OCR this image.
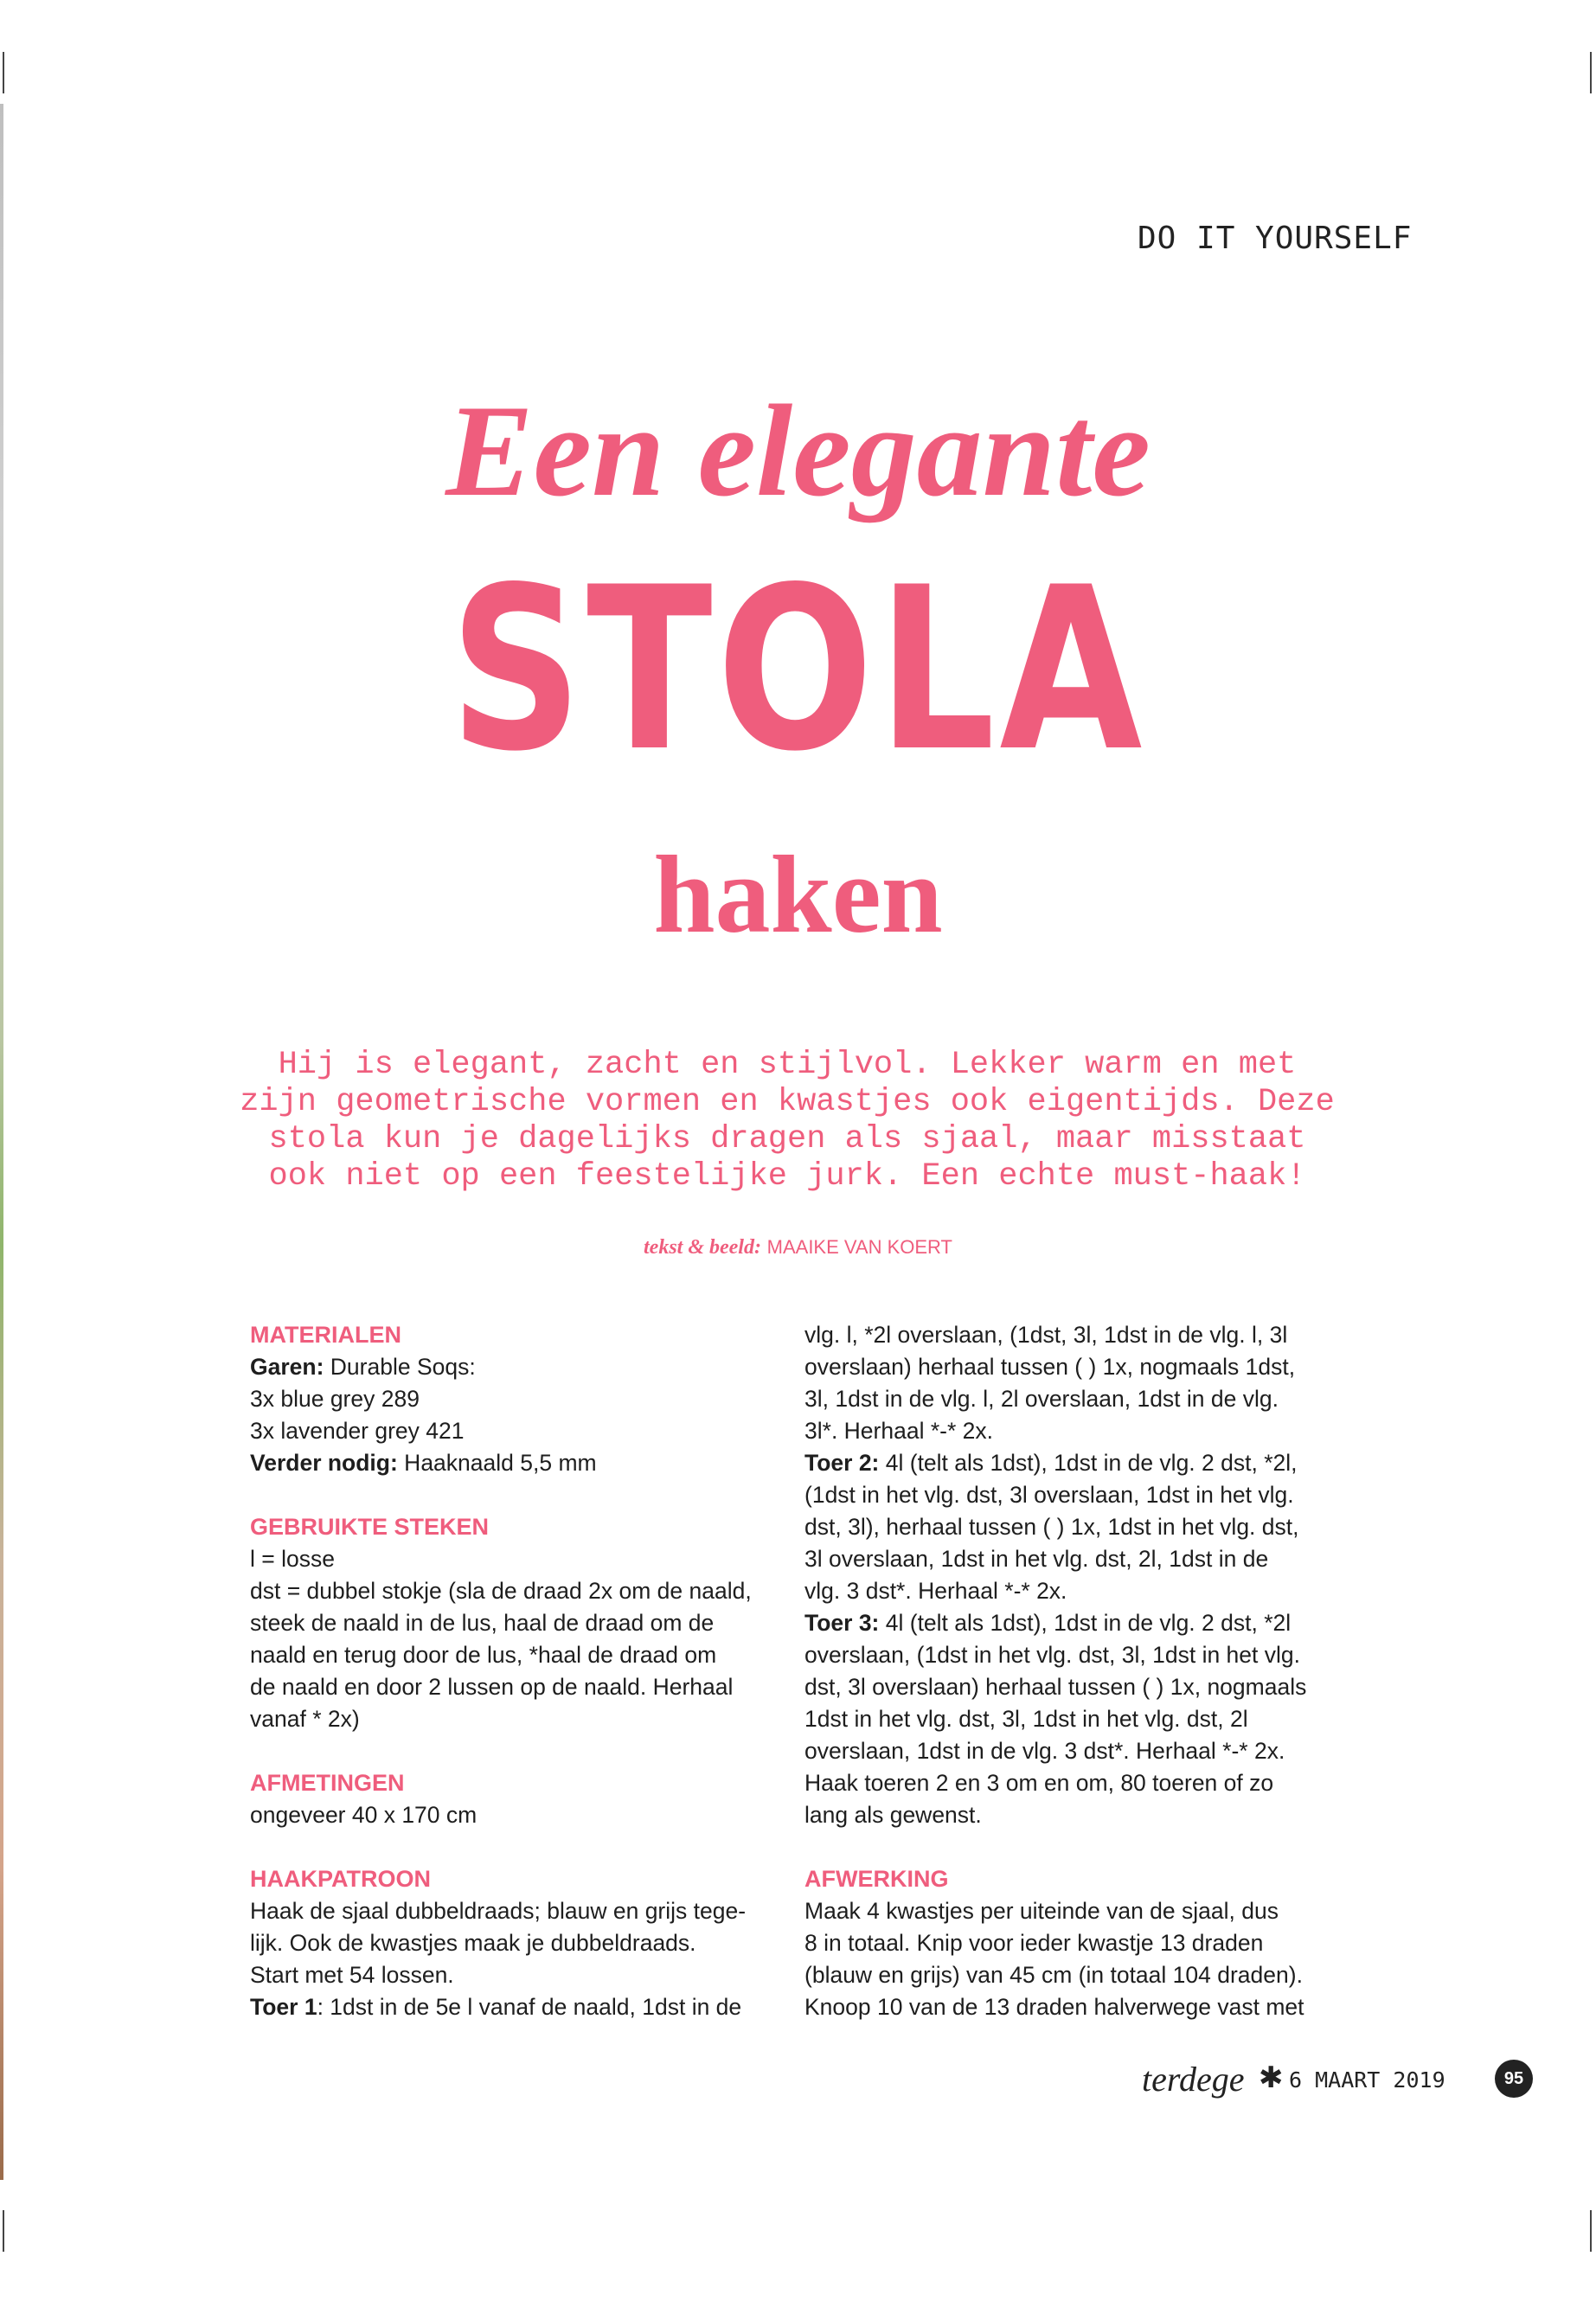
DO IT YOURSELF

Een elegante
STOLA
haken
Hij is elegant, zacht en stijlvol. Lekker warm en met
zijn geometrische vormen en kwastjes ook eigentijds. Deze
stola kun je dagelijks dragen als sjaal, maar misstaat
ook niet op een feestelijke jurk. Een echte must-haak!

tekst & beeld: MAAIKE VAN KOERT

MATERIALEN

Garen: Durable Soqs:

3x blue grey 289

3x lavender grey 421

Verder nodig: Haaknaald 5,5 mm

GEBRUIKTE STEKEN

l = losse

dst = dubbel stokje (sla de draad 2x om de naald,

steek de naald in de lus, haal de draad om de

naald en terug door de lus, *haal de draad om

de naald en door 2 lussen op de naald. Herhaal

vanaf * 2x)

AFMETINGEN

ongeveer 40 x 170 cm

HAAKPATROON

Haak de sjaal dubbeldraads; blauw en grijs tege-

lijk. Ook de kwastjes maak je dubbeldraads.

Start met 54 lossen.

Toer 1: 1dst in de 5e l vanaf de naald, 1dst in de

vlg. l, *2l overslaan, (1dst, 3l, 1dst in de vlg. l, 3l

overslaan) herhaal tussen ( ) 1x, nogmaals 1dst,

3l, 1dst in de vlg. l, 2l overslaan, 1dst in de vlg.

3l*. Herhaal *-* 2x.

Toer 2: 4l (telt als 1dst), 1dst in de vlg. 2 dst, *2l,

(1dst in het vlg. dst, 3l overslaan, 1dst in het vlg.

dst, 3l), herhaal tussen ( ) 1x, 1dst in het vlg. dst,

3l overslaan, 1dst in het vlg. dst, 2l, 1dst in de

vlg. 3 dst*. Herhaal *-* 2x.

Toer 3: 4l (telt als 1dst), 1dst in de vlg. 2 dst, *2l

overslaan, (1dst in het vlg. dst, 3l, 1dst in het vlg.

dst, 3l overslaan) herhaal tussen ( ) 1x, nogmaals

1dst in het vlg. dst, 3l, 1dst in het vlg. dst, 2l

overslaan, 1dst in de vlg. 3 dst*. Herhaal *-* 2x.

Haak toeren 2 en 3 om en om, 80 toeren of zo

lang als gewenst.

AFWERKING

Maak 4 kwastjes per uiteinde van de sjaal, dus

8 in totaal. Knip voor ieder kwastje 13 draden

(blauw en grijs) van 45 cm (in totaal 104 draden).

Knoop 10 van de 13 draden halverwege vast met

terdege ✱ 6 MAART 2019	95
